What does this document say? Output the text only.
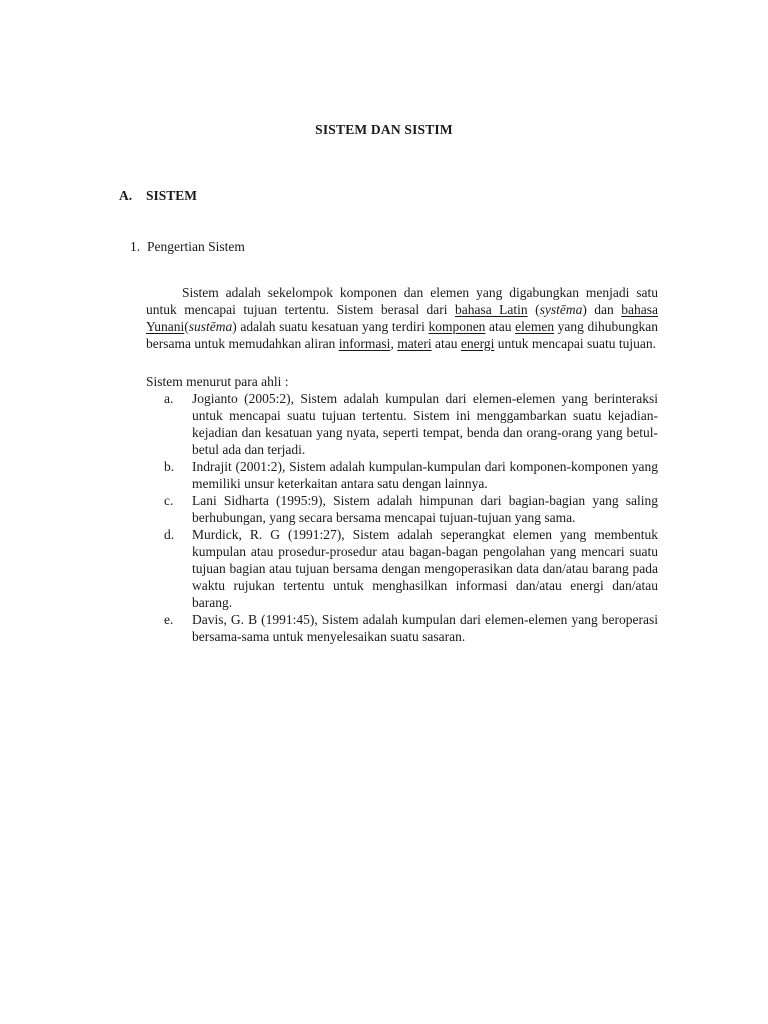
SISTEM DAN SISTIM
A. SISTEM
1. Pengertian Sistem

Sistem adalah sekelompok komponen dan elemen yang digabungkan menjadi satu untuk mencapai tujuan tertentu. Sistem berasal dari bahasa Latin (systēma) dan bahasa Yunani(sustēma) adalah suatu kesatuan yang terdiri komponen atau elemen yang dihubungkan bersama untuk memudahkan aliran informasi, materi atau energi untuk mencapai suatu tujuan.

Sistem menurut para ahli :
a.	Jogianto (2005:2), Sistem adalah kumpulan dari elemen-elemen yang berinteraksi untuk mencapai suatu tujuan tertentu. Sistem ini menggambarkan suatu kejadian-kejadian dan kesatuan yang nyata, seperti tempat, benda dan orang-orang yang betul-betul ada dan terjadi.
b.	Indrajit (2001:2), Sistem adalah kumpulan-kumpulan dari komponen-komponen yang memiliki unsur keterkaitan antara satu dengan lainnya.
c.	Lani Sidharta (1995:9), Sistem adalah himpunan dari bagian-bagian yang saling berhubungan, yang secara bersama mencapai tujuan-tujuan yang sama.
d.	Murdick, R. G (1991:27), Sistem adalah seperangkat elemen yang membentuk kumpulan atau prosedur-prosedur atau bagan-bagan pengolahan yang mencari suatu tujuan bagian atau tujuan bersama dengan mengoperasikan data dan/atau barang pada waktu rujukan tertentu untuk menghasilkan informasi dan/atau energi dan/atau barang.
e.	Davis, G. B (1991:45), Sistem adalah kumpulan dari elemen-elemen yang beroperasi bersama-sama untuk menyelesaikan suatu sasaran.
